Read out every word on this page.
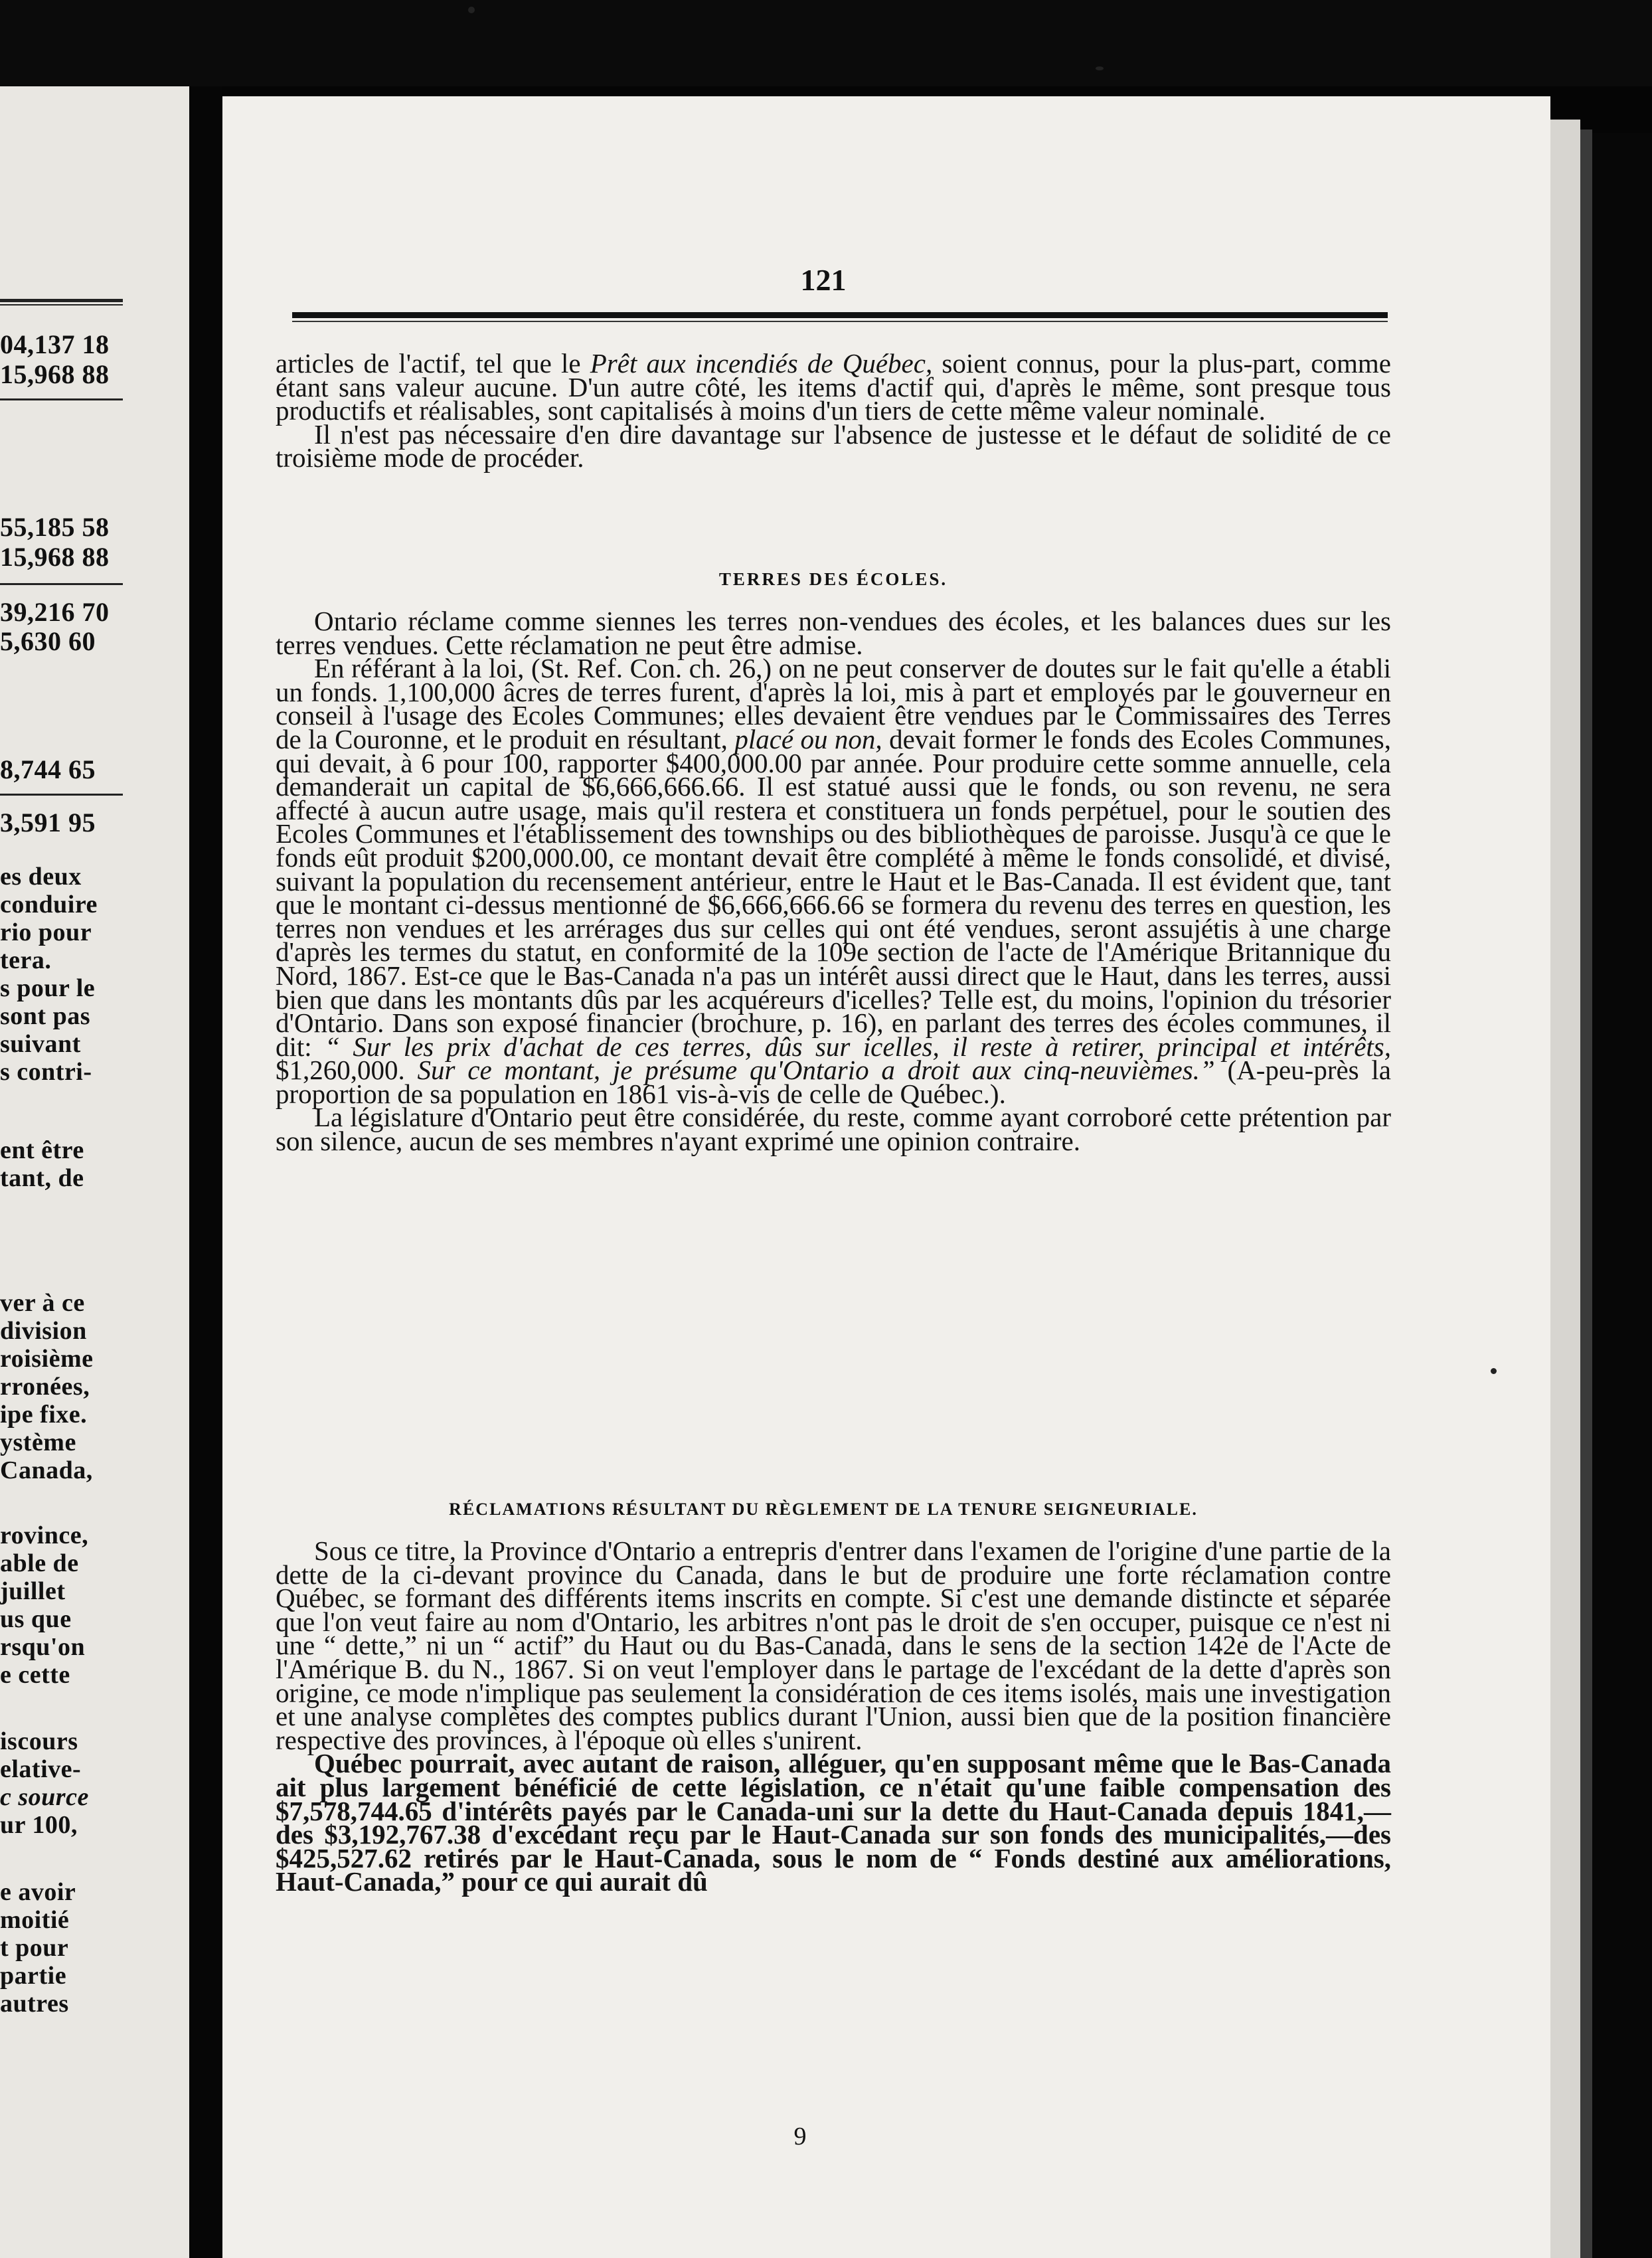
04,137 18
15,968 88
55,185 58
15,968 88
39,216 70
5,630 60
8,744 65
3,591 95
es deux
conduire
rio pour
tera.
s pour le
sont pas
suivant
s contri-
ent être
tant, de
ver à ce
division
roisième
rronées,
ipe fixe.
ystème
Canada,
rovince,
able de
juillet
us que
rsqu'on
e cette
iscours
elative-
c source
ur 100,
e avoir
moitié
t pour
partie
autres
121

articles de l'actif, tel que le Prêt aux incendiés de Québec, soient connus, pour la plus-part, comme étant sans valeur aucune. D'un autre côté, les items d'actif qui, d'après le même, sont presque tous productifs et réalisables, sont capitalisés à moins d'un tiers de cette même valeur nominale.

Il n'est pas nécessaire d'en dire davantage sur l'absence de justesse et le défaut de solidité de ce troisième mode de procéder.

TERRES DES ÉCOLES.

Ontario réclame comme siennes les terres non-vendues des écoles, et les balances dues sur les terres vendues. Cette réclamation ne peut être admise.

En référant à la loi, (St. Ref. Con. ch. 26,) on ne peut conserver de doutes sur le fait qu'elle a établi un fonds. 1,100,000 âcres de terres furent, d'après la loi, mis à part et employés par le gouverneur en conseil à l'usage des Ecoles Communes; elles devaient être vendues par le Commissaires des Terres de la Couronne, et le produit en résultant, placé ou non, devait former le fonds des Ecoles Communes, qui devait, à 6 pour 100, rapporter $400,000.00 par année. Pour produire cette somme annuelle, cela demanderait un capital de $6,666,666.66. Il est statué aussi que le fonds, ou son revenu, ne sera affecté à aucun autre usage, mais qu'il restera et constituera un fonds perpétuel, pour le soutien des Ecoles Communes et l'établissement des townships ou des bibliothèques de paroisse. Jusqu'à ce que le fonds eût produit $200,000.00, ce montant devait être complété à même le fonds consolidé, et divisé, suivant la population du recensement antérieur, entre le Haut et le Bas-Canada. Il est évident que, tant que le montant ci-dessus mentionné de $6,666,666.66 se formera du revenu des terres en question, les terres non vendues et les arrérages dus sur celles qui ont été vendues, seront assujétis à une charge d'après les termes du statut, en conformité de la 109e section de l'acte de l'Amérique Britannique du Nord, 1867. Est-ce que le Bas-Canada n'a pas un intérêt aussi direct que le Haut, dans les terres, aussi bien que dans les montants dûs par les acquéreurs d'icelles? Telle est, du moins, l'opinion du trésorier d'Ontario. Dans son exposé financier (brochure, p. 16), en parlant des terres des écoles communes, il dit: “ Sur les prix d'achat de ces terres, dûs sur icelles, il reste à retirer, principal et intérêts, $1,260,000. Sur ce montant, je présume qu'Ontario a droit aux cinq-neuvièmes.” (A-peu-près la proportion de sa population en 1861 vis-à-vis de celle de Québec.).

La législature d'Ontario peut être considérée, du reste, comme ayant corroboré cette prétention par son silence, aucun de ses membres n'ayant exprimé une opinion contraire.

RÉCLAMATIONS RÉSULTANT DU RÈGLEMENT DE LA TENURE SEIGNEURIALE.

Sous ce titre, la Province d'Ontario a entrepris d'entrer dans l'examen de l'origine d'une partie de la dette de la ci-devant province du Canada, dans le but de produire une forte réclamation contre Québec, se formant des différents items inscrits en compte. Si c'est une demande distincte et séparée que l'on veut faire au nom d'Ontario, les arbitres n'ont pas le droit de s'en occuper, puisque ce n'est ni une “ dette,” ni un “ actif” du Haut ou du Bas-Canada, dans le sens de la section 142e de l'Acte de l'Amérique B. du N., 1867. Si on veut l'employer dans le partage de l'excédant de la dette d'après son origine, ce mode n'implique pas seulement la considération de ces items isolés, mais une investigation et une analyse complètes des comptes publics durant l'Union, aussi bien que de la position financière respective des provinces, à l'époque où elles s'unirent.

Québec pourrait, avec autant de raison, alléguer, qu'en supposant même que le Bas-Canada ait plus largement bénéficié de cette législation, ce n'était qu'une faible compensation des $7,578,744.65 d'intérêts payés par le Canada-uni sur la dette du Haut-Canada depuis 1841,—des $3,192,767.38 d'excédant reçu par le Haut-Canada sur son fonds des municipalités,—des $425,527.62 retirés par le Haut-Canada, sous le nom de “ Fonds destiné aux améliorations, Haut-Canada,” pour ce qui aurait dû

9
